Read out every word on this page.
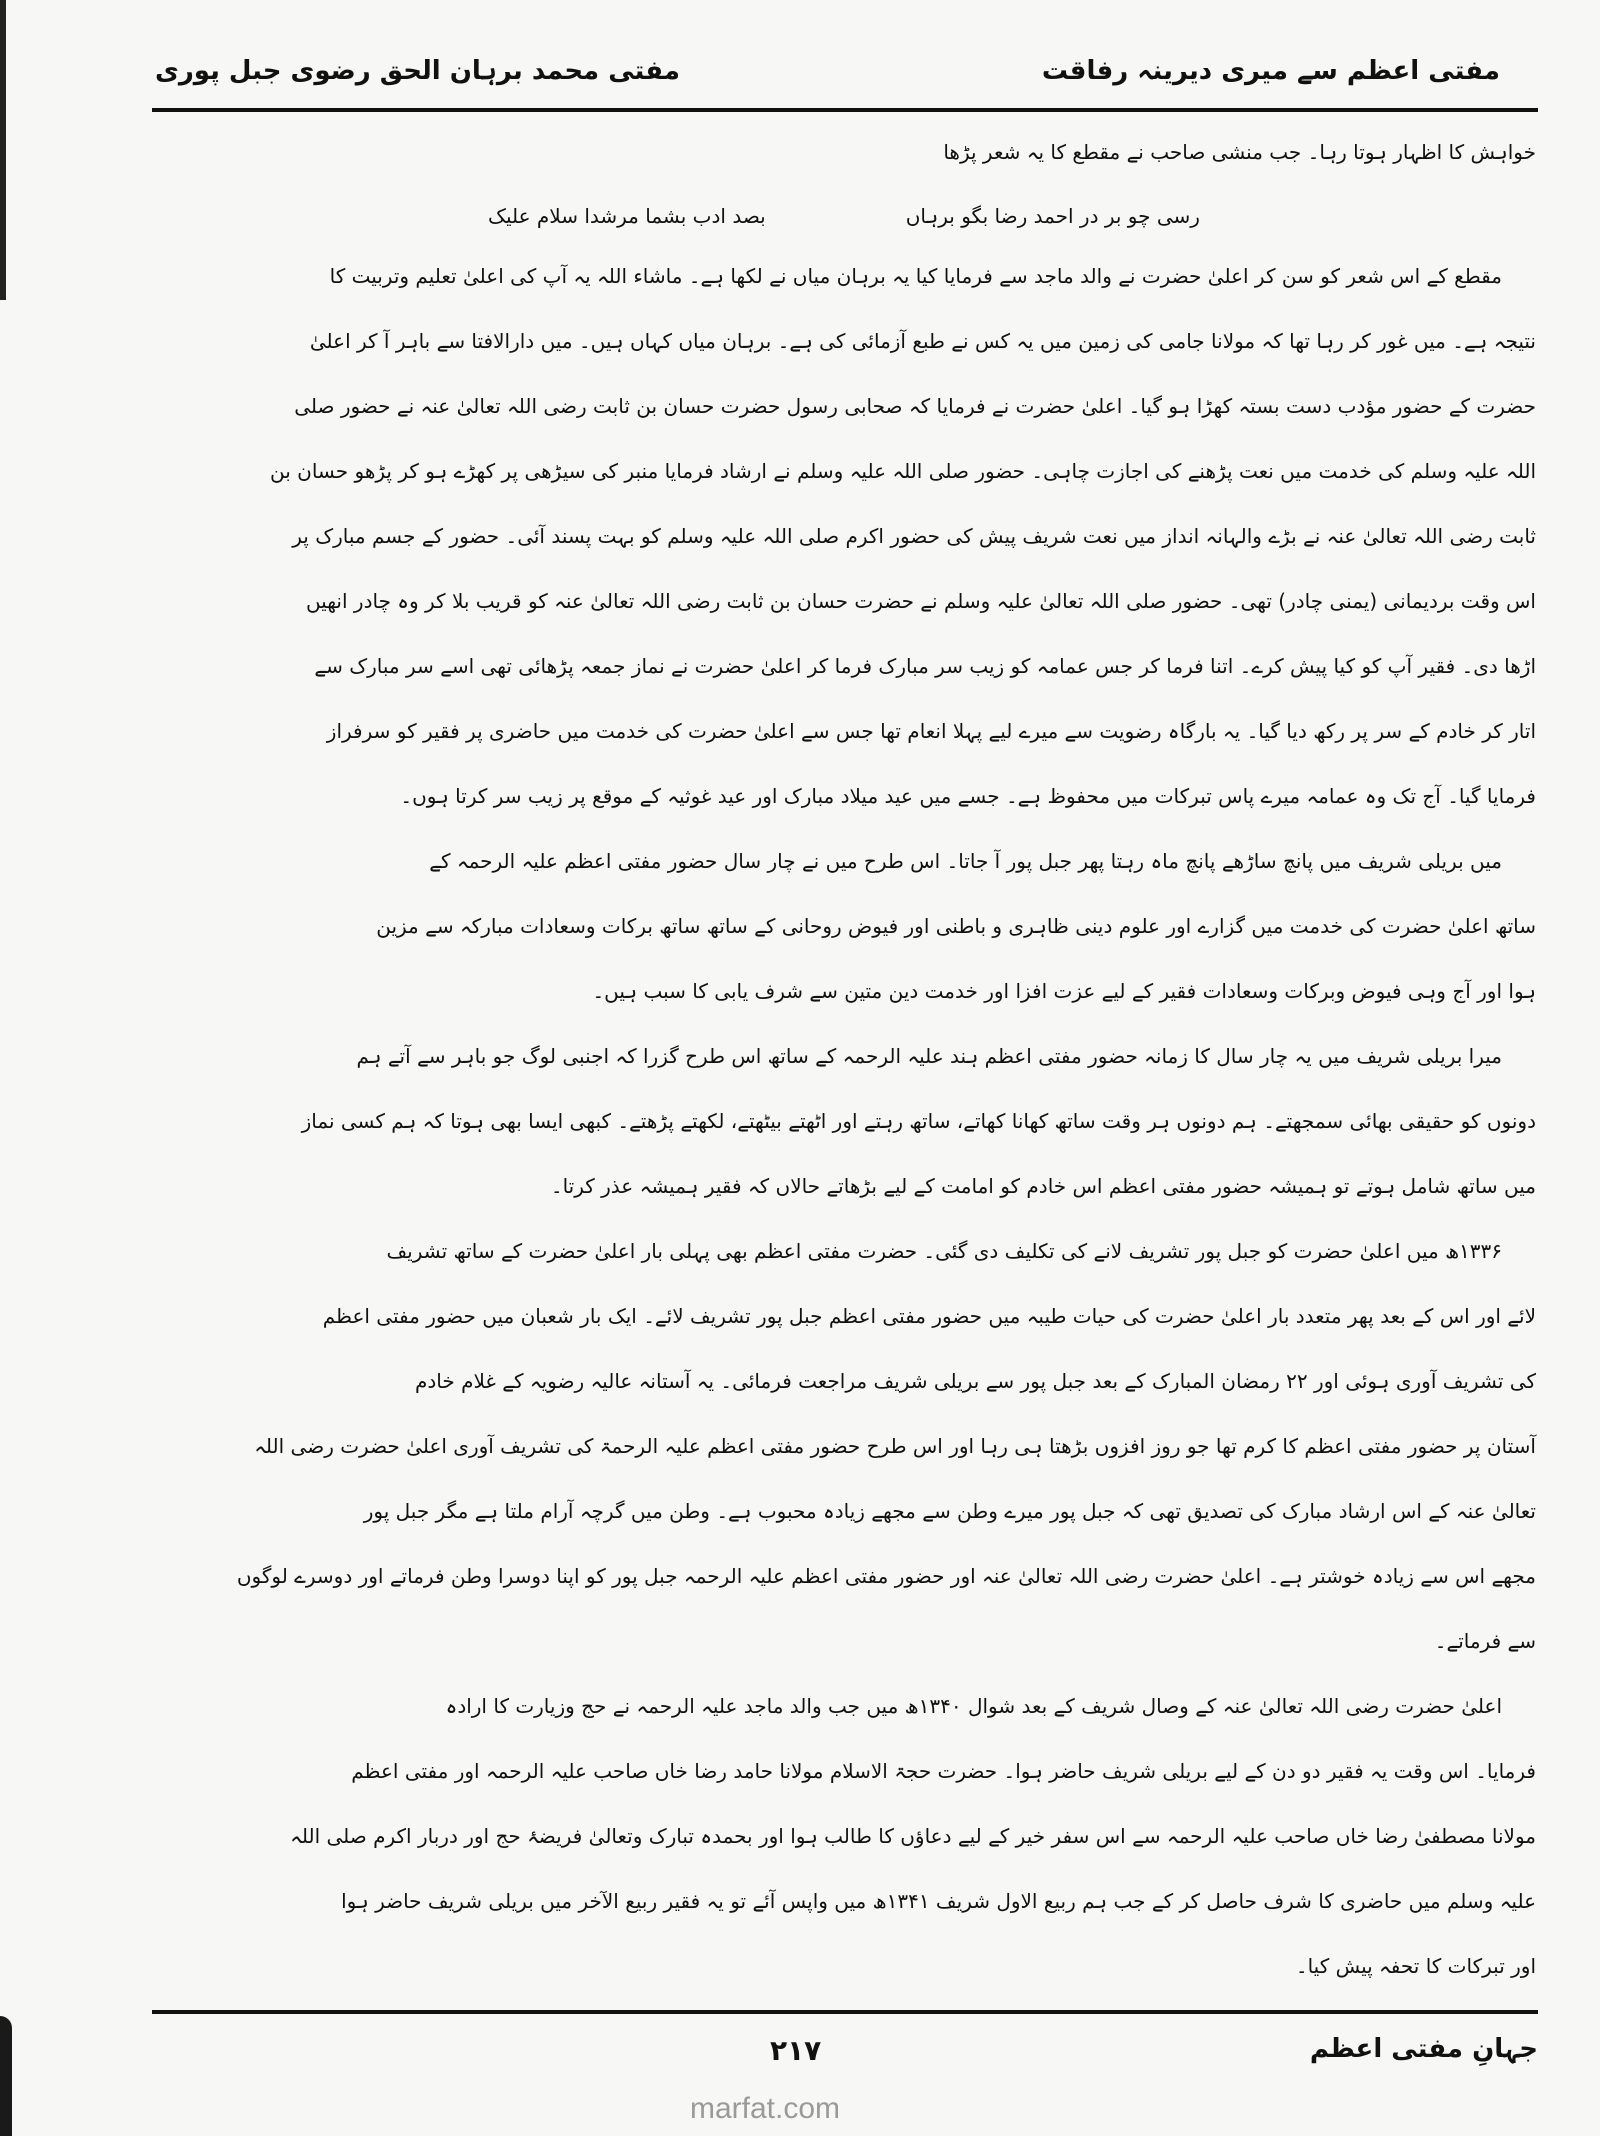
مفتی اعظم سے میری دیرینہ رفاقت
مفتی محمد برہان الحق رضوی جبل پوری
خواہش کا اظہار ہوتا رہا۔ جب منشی صاحب نے مقطع کا یہ شعر پڑھا
رسی چو بر در احمد رضا بگو برہاں
بصد ادب بشما مرشدا سلام علیک
مقطع کے اس شعر کو سن کر اعلیٰ حضرت نے والد ماجد سے فرمایا کیا یہ برہان میاں نے لکھا ہے۔ ماشاء اللہ یہ آپ کی اعلیٰ تعلیم وتربیت کا
نتیجہ ہے۔ میں غور کر رہا تھا کہ مولانا جامی کی زمین میں یہ کس نے طبع آزمائی کی ہے۔ برہان میاں کہاں ہیں۔ میں دارالافتا سے باہر آ کر اعلیٰ
حضرت کے حضور مؤدب دست بستہ کھڑا ہو گیا۔ اعلیٰ حضرت نے فرمایا کہ صحابی رسول حضرت حسان بن ثابت رضی اللہ تعالیٰ عنہ نے حضور صلی
اللہ علیہ وسلم کی خدمت میں نعت پڑھنے کی اجازت چاہی۔ حضور صلی اللہ علیہ وسلم نے ارشاد فرمایا منبر کی سیڑھی پر کھڑے ہو کر پڑھو حسان بن
ثابت رضی اللہ تعالیٰ عنہ نے بڑے والہانہ انداز میں نعت شریف پیش کی حضور اکرم صلی اللہ علیہ وسلم کو بہت پسند آئی۔ حضور کے جسم مبارک پر
اس وقت بردیمانی (یمنی چادر) تھی۔ حضور صلی اللہ تعالیٰ علیہ وسلم نے حضرت حسان بن ثابت رضی اللہ تعالیٰ عنہ کو قریب بلا کر وہ چادر انھیں
اڑھا دی۔ فقیر آپ کو کیا پیش کرے۔ اتنا فرما کر جس عمامہ کو زیب سر مبارک فرما کر اعلیٰ حضرت نے نماز جمعہ پڑھائی تھی اسے سر مبارک سے
اتار کر خادم کے سر پر رکھ دیا گیا۔ یہ بارگاہ رضویت سے میرے لیے پہلا انعام تھا جس سے اعلیٰ حضرت کی خدمت میں حاضری پر فقیر کو سرفراز
فرمایا گیا۔ آج تک وہ عمامہ میرے پاس تبرکات میں محفوظ ہے۔ جسے میں عید میلاد مبارک اور عید غوثیہ کے موقع پر زیب سر کرتا ہوں۔
میں بریلی شریف میں پانچ ساڑھے پانچ ماہ رہتا پھر جبل پور آ جاتا۔ اس طرح میں نے چار سال حضور مفتی اعظم علیہ الرحمہ کے
ساتھ اعلیٰ حضرت کی خدمت میں گزارے اور علوم دینی ظاہری و باطنی اور فیوض روحانی کے ساتھ ساتھ برکات وسعادات مبارکہ سے مزین
ہوا اور آج وہی فیوض وبرکات وسعادات فقیر کے لیے عزت افزا اور خدمت دین متین سے شرف یابی کا سبب ہیں۔
میرا بریلی شریف میں یہ چار سال کا زمانہ حضور مفتی اعظم ہند علیہ الرحمہ کے ساتھ اس طرح گزرا کہ اجنبی لوگ جو باہر سے آتے ہم
دونوں کو حقیقی بھائی سمجھتے۔ ہم دونوں ہر وقت ساتھ کھانا کھاتے، ساتھ رہتے اور اٹھتے بیٹھتے، لکھتے پڑھتے۔ کبھی ایسا بھی ہوتا کہ ہم کسی نماز
میں ساتھ شامل ہوتے تو ہمیشہ حضور مفتی اعظم اس خادم کو امامت کے لیے بڑھاتے حالاں کہ فقیر ہمیشہ عذر کرتا۔
۱۳۳۶ھ میں اعلیٰ حضرت کو جبل پور تشریف لانے کی تکلیف دی گئی۔ حضرت مفتی اعظم بھی پہلی بار اعلیٰ حضرت کے ساتھ تشریف
لائے اور اس کے بعد پھر متعدد بار اعلیٰ حضرت کی حیات طیبہ میں حضور مفتی اعظم جبل پور تشریف لائے۔ ایک بار شعبان میں حضور مفتی اعظم
کی تشریف آوری ہوئی اور ۲۲ رمضان المبارک کے بعد جبل پور سے بریلی شریف مراجعت فرمائی۔ یہ آستانہ عالیہ رضویہ کے غلام خادم
آستان پر حضور مفتی اعظم کا کرم تھا جو روز افزوں بڑھتا ہی رہا اور اس طرح حضور مفتی اعظم علیہ الرحمۃ کی تشریف آوری اعلیٰ حضرت رضی اللہ
تعالیٰ عنہ کے اس ارشاد مبارک کی تصدیق تھی کہ جبل پور میرے وطن سے مجھے زیادہ محبوب ہے۔ وطن میں گرچہ آرام ملتا ہے مگر جبل پور
مجھے اس سے زیادہ خوشتر ہے۔ اعلیٰ حضرت رضی اللہ تعالیٰ عنہ اور حضور مفتی اعظم علیہ الرحمہ جبل پور کو اپنا دوسرا وطن فرماتے اور دوسرے لوگوں
سے فرماتے۔
اعلیٰ حضرت رضی اللہ تعالیٰ عنہ کے وصال شریف کے بعد شوال ۱۳۴۰ھ میں جب والد ماجد علیہ الرحمہ نے حج وزیارت کا ارادہ
فرمایا۔ اس وقت یہ فقیر دو دن کے لیے بریلی شریف حاضر ہوا۔ حضرت حجۃ الاسلام مولانا حامد رضا خاں صاحب علیہ الرحمہ اور مفتی اعظم
مولانا مصطفیٰ رضا خاں صاحب علیہ الرحمہ سے اس سفر خیر کے لیے دعاؤں کا طالب ہوا اور بحمدہ تبارک وتعالیٰ فریضۂ حج اور دربار اکرم صلی اللہ
علیہ وسلم میں حاضری کا شرف حاصل کر کے جب ہم ربیع الاول شریف ۱۳۴۱ھ میں واپس آئے تو یہ فقیر ربیع الآخر میں بریلی شریف حاضر ہوا
اور تبرکات کا تحفہ پیش کیا۔
جہانِ مفتی اعظم
۲۱۷
marfat.com
